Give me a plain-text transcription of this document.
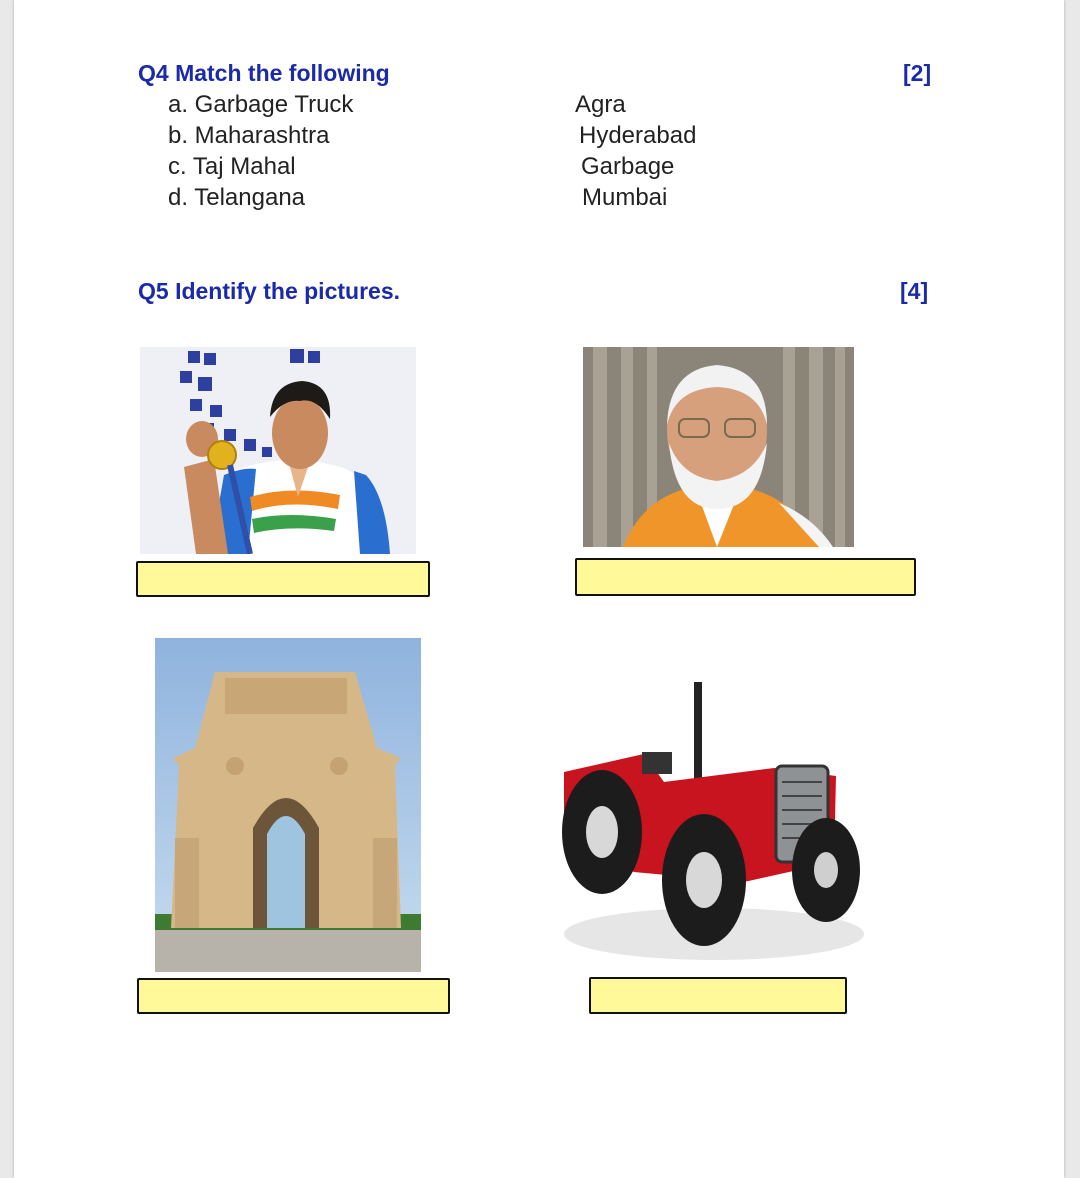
Q4 Match the following	[2]
a. Garbage Truck
b. Maharashtra
c. Taj Mahal
d. Telangana
Agra
Hyderabad
Garbage
Mumbai
Q5 Identify the pictures.	[4]
